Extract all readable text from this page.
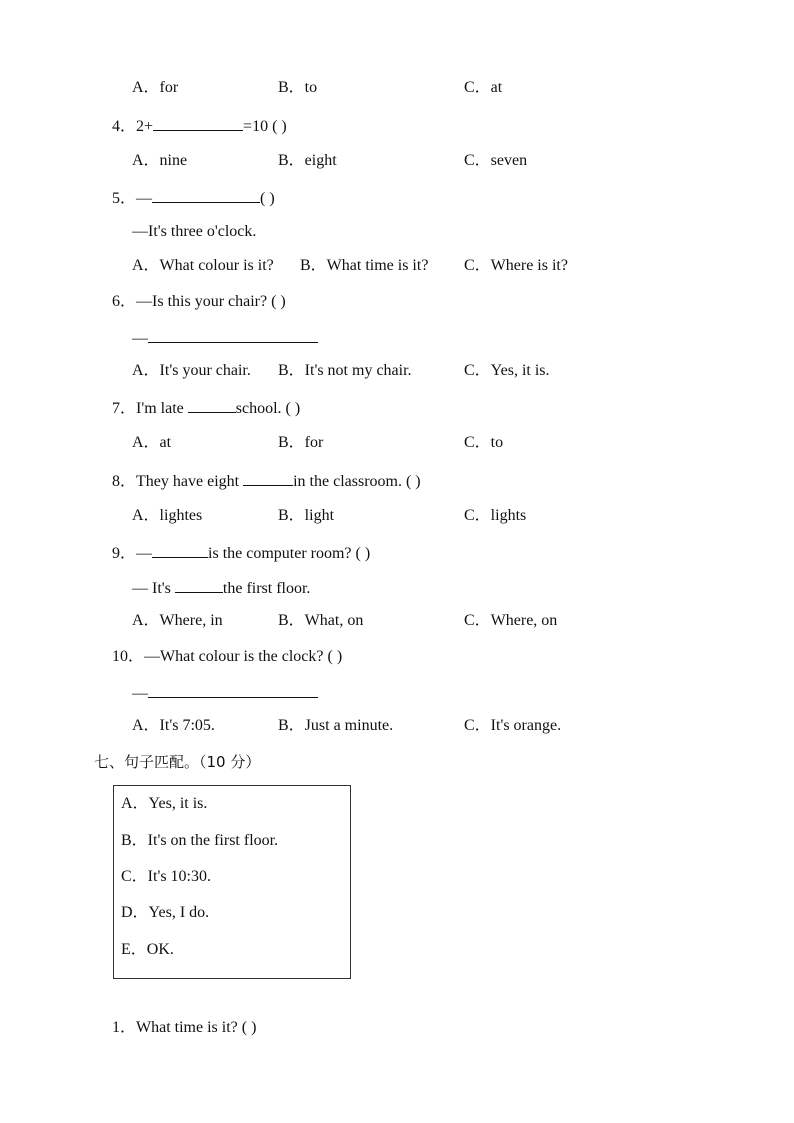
A．for	B．to	C．at
4．2+	=10 ( )
A．nine	B．eight	C．seven
5．—	( )
—It's three o'clock.
A．What colour is it? B．What time is it? C．Where is it?
6．—Is this your chair? ( )
—
A．It's your chair. B．It's not my chair.	C．Yes, it is.
7．I'm late	school. ( )
A．at	B．for	C．to
8．They have eight	in the classroom. ( )
A．lightes	B．light	C．lights
9．—	is the computer room? ( )
— It's	the first floor.
A．Where, in	B．What, on	C．Where, on
10．—What colour is the clock? ( )
—
A．It's 7:05.	B．Just a minute.	C．It's orange.
七、句子匹配。（10 分）
A．Yes, it is.
B．It's on the first floor.
C．It's 10:30.
D．Yes, I do.
E．OK.
1．What time is it? ( )
